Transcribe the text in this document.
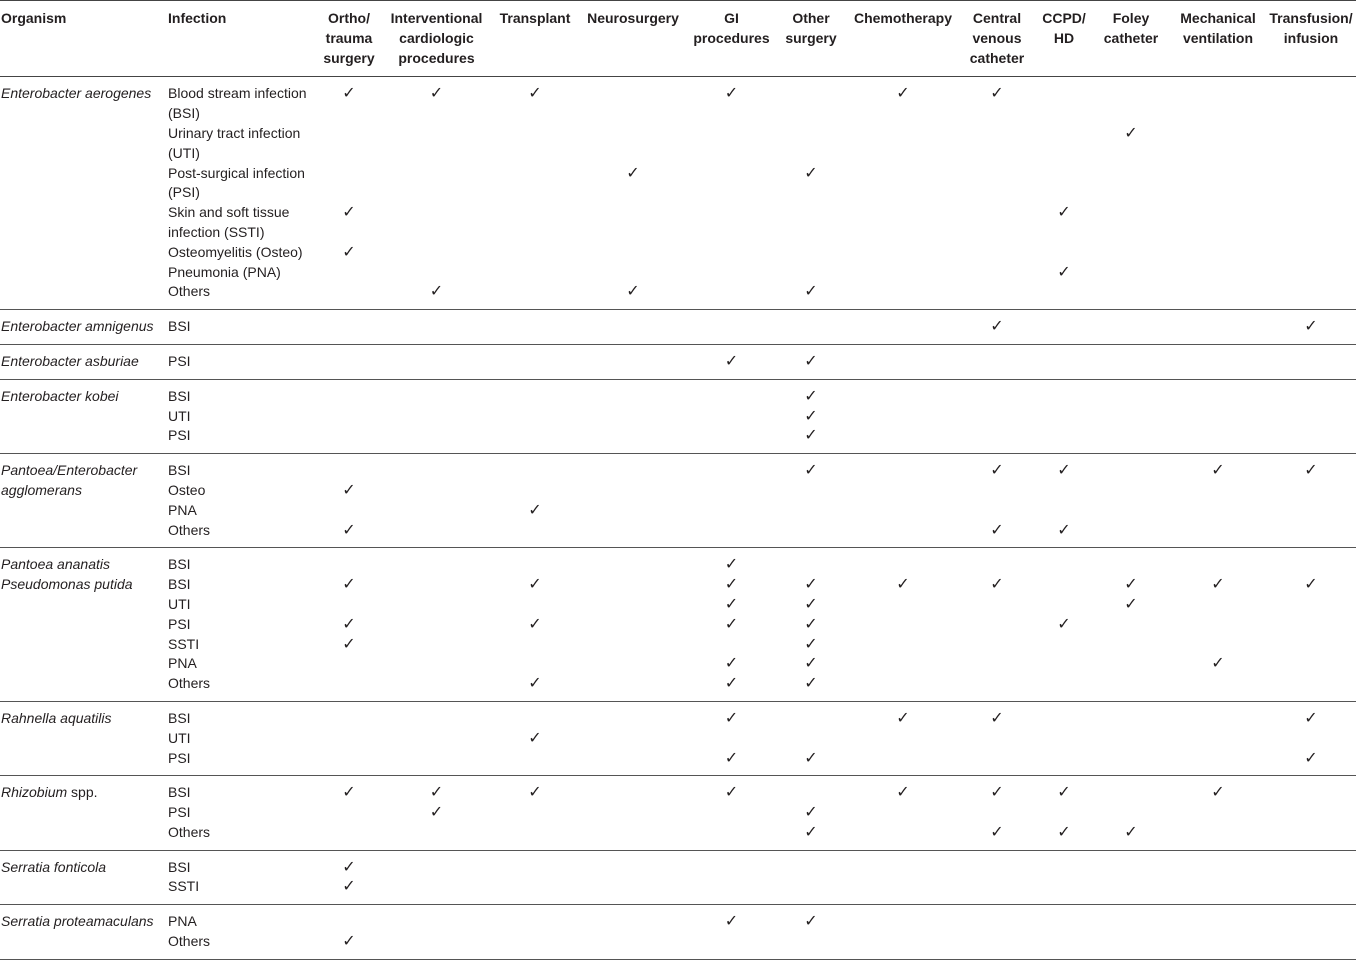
Organism	Infection	Ortho/
trauma
surgery	Interventional
cardiologic
procedures	Transplant	Neurosurgery	GI
procedures	Other
surgery	Chemotherapy	Central
venous
catheter	CCPD/
HD	Foley
catheter	Mechanical
ventilation	Transfusion/
infusion
Enterobacter aerogenes	Blood stream infection
(BSI)	✓	✓	✓		✓		✓	✓				
	Urinary tract infection
(UTI)										✓		
	Post-surgical infection
(PSI)				✓		✓						
	Skin and soft tissue
infection (SSTI)	✓								✓			
	Osteomyelitis (Osteo)	✓											
	Pneumonia (PNA)									✓			
	Others		✓		✓		✓						
Enterobacter amnigenus	BSI								✓				✓
Enterobacter asburiae	PSI					✓	✓						
Enterobacter kobei	BSI						✓						
	UTI						✓						
	PSI						✓						
Pantoea/Enterobacter	BSI						✓		✓	✓		✓	✓
agglomerans	Osteo	✓											
	PNA			✓									
	Others	✓							✓	✓			
Pantoea ananatis	BSI					✓							
Pseudomonas putida	BSI	✓		✓		✓	✓	✓	✓		✓	✓	✓
	UTI					✓	✓				✓		
	PSI	✓		✓		✓	✓			✓			
	SSTI	✓					✓						
	PNA					✓	✓					✓	
	Others			✓		✓	✓						
Rahnella aquatilis	BSI					✓		✓	✓				✓
	UTI			✓									
	PSI					✓	✓						✓
Rhizobium spp.	BSI	✓	✓	✓		✓		✓	✓	✓		✓	
	PSI		✓				✓						
	Others						✓		✓	✓	✓		
Serratia fonticola	BSI	✓											
	SSTI	✓											
Serratia proteamaculans	PNA					✓	✓						
	Others	✓											
